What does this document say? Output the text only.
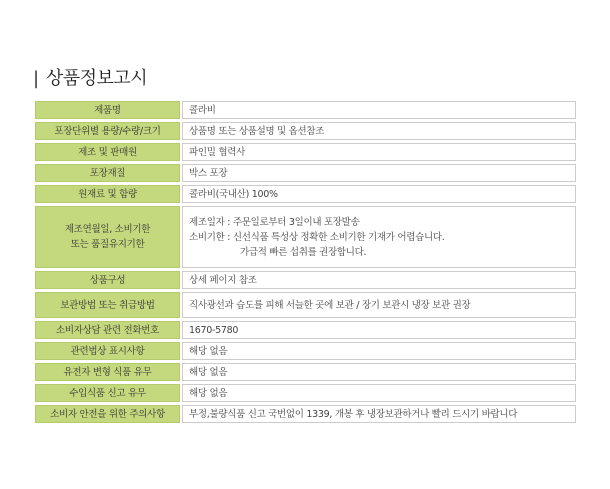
| 상품정보고시
제품명		콜라비
포장단위별 용량/수량/크기		상품명 또는 상품설명 및 옵션참조
제조 및 판매원		파인밀 협력사
포장재질		박스 포장
원재료 및 함량		콜라비(국내산) 100%

제조연월일, 소비기한
또는 품질유지기한		제조일자 : 주문일로부터 3일이내 포장발송
소비기한 : 신선식품 특성상 정확한 소비기한 기재가 어렵습니다.
가급적 빠른 섭취를 권장합니다.

상품구성		상세 페이지 참조
보관방법 또는 취급방법		직사광선과 습도를 피해 서늘한 곳에 보관 / 장기 보관시 냉장 보관 권장
소비자상담 관련 전화번호		1670-5780
관련법상 표시사항		해당 없음
유전자 변형 식품 유무		해당 없음
수입식품 신고 유무		해당 없음
소비자 안전을 위한 주의사항		부정,불량식품 신고 국번없이 1339, 개봉 후 냉장보관하거나 빨리 드시기 바랍니다
